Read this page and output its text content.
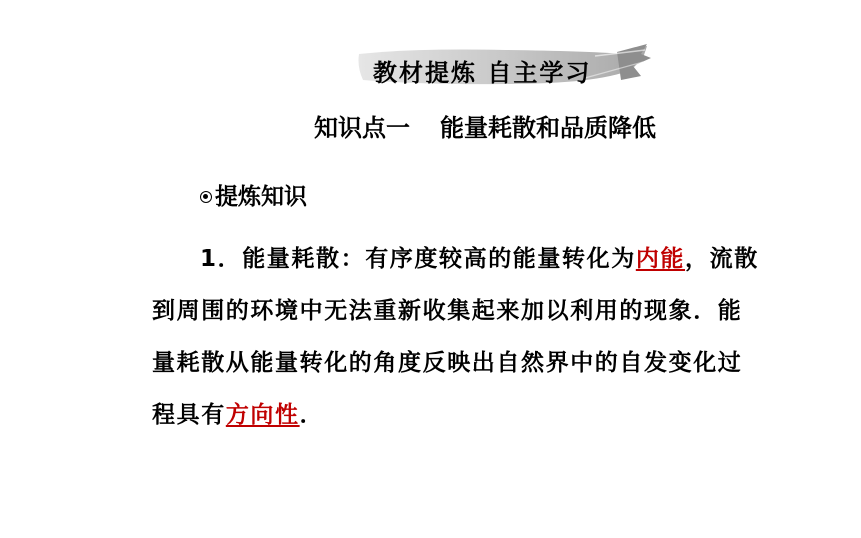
教材提炼 自主学习
知识点一 能量耗散和品质降低
提炼知识
1．能量耗散：有序度较高的能量转化为内能，流散
到周围的环境中无法重新收集起来加以利用的现象．能
量耗散从能量转化的角度反映出自然界中的自发变化过
程具有方向性．
